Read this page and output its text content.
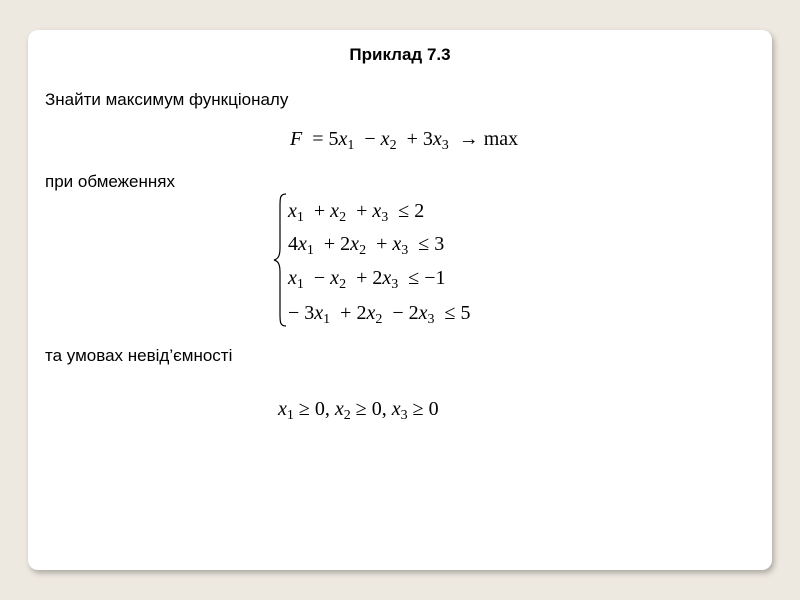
Приклад 7.3
Знайти максимум функціоналу
$F = 5x_1 - x_2 + 3x_3 \to \max$
при обмеженнях
$x_1 + x_2 + x_3 \le 2$
$4x_1 + 2x_2 + x_3 \le 3$
$x_1 - x_2 + 2x_3 \le -1$
− $3x_1 + 2x_2 - 2x_3 \le 5$
та умовах невід’ємності
$x_1 \ge 0$, $x_2 \ge 0$, $x_3 \ge 0$
